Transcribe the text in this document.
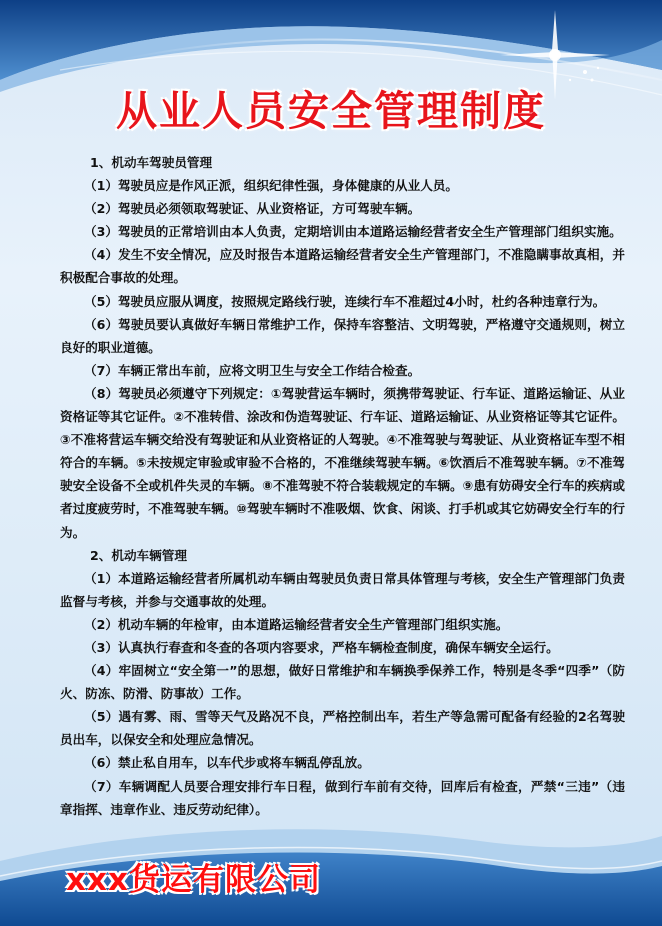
从业人员安全管理制度

1、机动车驾驶员管理

（1）驾驶员应是作风正派，组织纪律性强，身体健康的从业人员。

（2）驾驶员必须领取驾驶证、从业资格证，方可驾驶车辆。

（3）驾驶员的正常培训由本人负责，定期培训由本道路运输经营者安全生产管理部门组织实施。

（4）发生不安全情况，应及时报告本道路运输经营者安全生产管理部门，不准隐瞒事故真相，并积极配合事故的处理。

（5）驾驶员应服从调度，按照规定路线行驶，连续行车不准超过4小时，杜约各种违章行为。

（6）驾驶员要认真做好车辆日常维护工作，保持车容整洁、文明驾驶，严格遵守交通规则，树立良好的职业道德。

（7）车辆正常出车前，应将文明卫生与安全工作结合检查。

（8）驾驶员必须遵守下列规定：①驾驶营运车辆时，须携带驾驶证、行车证、道路运输证、从业资格证等其它证件。②不准转借、涂改和伪造驾驶证、行车证、道路运输证、从业资格证等其它证件。③不准将营运车辆交给没有驾驶证和从业资格证的人驾驶。④不准驾驶与驾驶证、从业资格证车型不相符合的车辆。⑤未按规定审验或审验不合格的，不准继续驾驶车辆。⑥饮酒后不准驾驶车辆。⑦不准驾驶安全设备不全或机件失灵的车辆。⑧不准驾驶不符合装载规定的车辆。⑨患有妨碍安全行车的疾病或者过度疲劳时，不准驾驶车辆。⑩驾驶车辆时不准吸烟、饮食、闲谈、打手机或其它妨碍安全行车的行为。

2、机动车辆管理

（1）本道路运输经营者所属机动车辆由驾驶员负责日常具体管理与考核，安全生产管理部门负责监督与考核，并参与交通事故的处理。

（2）机动车辆的年检审，由本道路运输经营者安全生产管理部门组织实施。

（3）认真执行春查和冬查的各项内容要求，严格车辆检查制度，确保车辆安全运行。

（4）牢固树立“安全第一”的思想，做好日常维护和车辆换季保养工作，特别是冬季“四季”（防火、防冻、防滑、防事故）工作。

（5）遇有雾、雨、雪等天气及路况不良，严格控制出车，若生产等急需可配备有经验的2名驾驶员出车，以保安全和处理应急情况。

（6）禁止私自用车，以车代步或将车辆乱停乱放。

（7）车辆调配人员要合理安排行车日程，做到行车前有交待，回库后有检查，严禁“三违”（违章指挥、违章作业、违反劳动纪律）。

xxx货运有限公司
